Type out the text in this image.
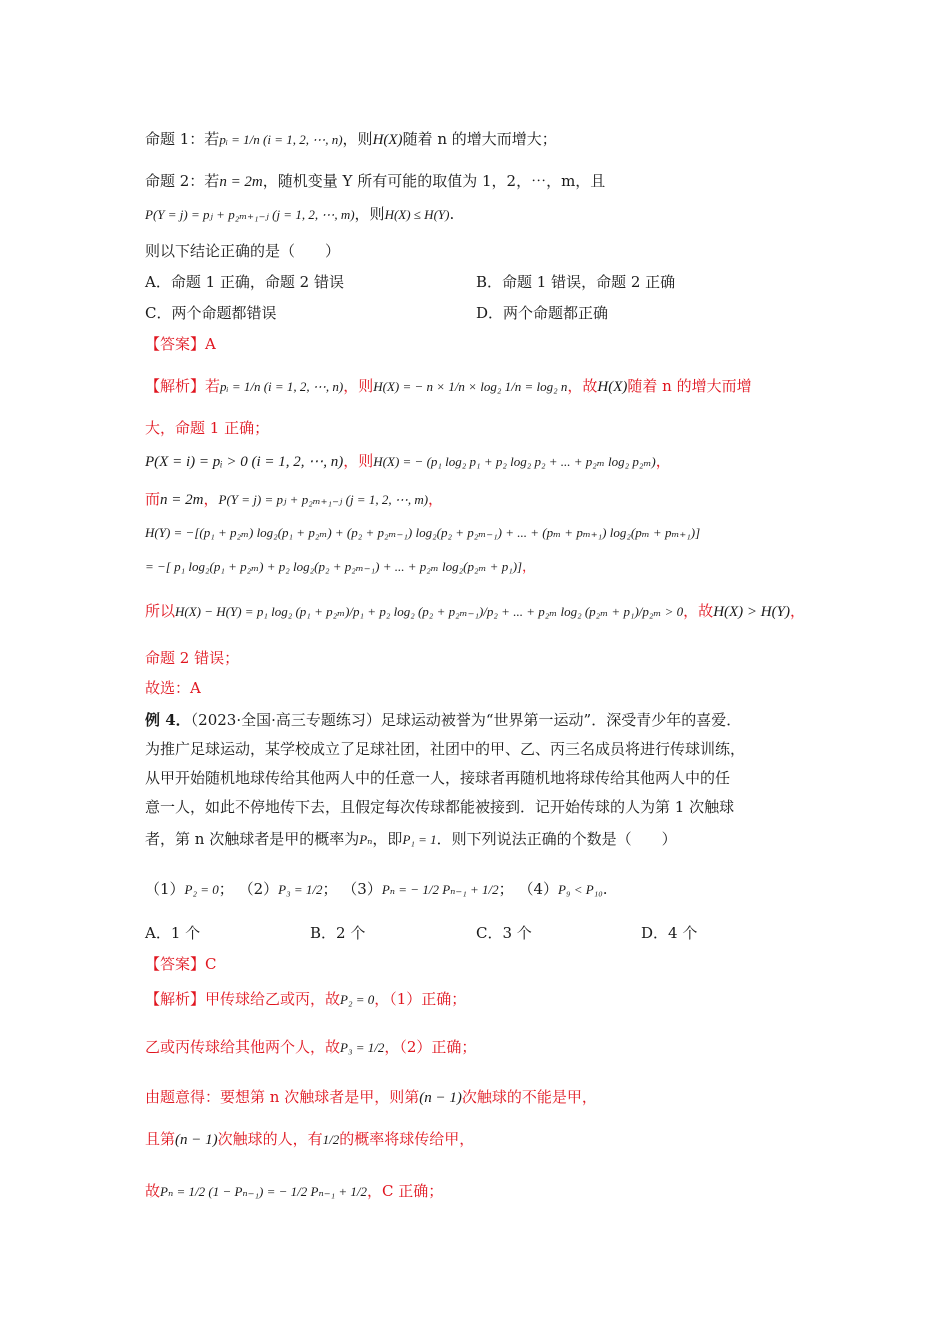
命题 1：若pᵢ = 1/n (i = 1, 2, ⋯, n)，则H(X)随着 n 的增大而增大；
命题 2：若n = 2m，随机变量 Y 所有可能的取值为 1，2，⋯，m，且
P(Y = j) = pⱼ + p₂ₘ₊₁₋ⱼ (j = 1, 2, ⋯, m)，则H(X) ≤ H(Y).
则以下结论正确的是（　　）
A．命题 1 正确，命题 2 错误	B．命题 1 错误，命题 2 正确
C．两个命题都错误	D．两个命题都正确
【答案】A
【解析】若pᵢ = 1/n (i = 1, 2, ⋯, n)，则H(X) = − n × 1/n × log₂ 1/n = log₂ n，故H(X)随着 n 的增大而增
大，命题 1 正确；
P(X = i) = pᵢ > 0 (i = 1, 2, ⋯, n)，则H(X) = − (p₁ log₂ p₁ + p₂ log₂ p₂ + ... + p₂ₘ log₂ p₂ₘ)，
而n = 2m，P(Y = j) = pⱼ + p₂ₘ₊₁₋ⱼ (j = 1, 2, ⋯, m)，
H(Y) = −[(p₁ + p₂ₘ) log₂(p₁ + p₂ₘ) + (p₂ + p₂ₘ₋₁) log₂(p₂ + p₂ₘ₋₁) + ... + (pₘ + pₘ₊₁) log₂(pₘ + pₘ₊₁)]
= −[ p₁ log₂(p₁ + p₂ₘ) + p₂ log₂(p₂ + p₂ₘ₋₁) + ... + p₂ₘ log₂(p₂ₘ + p₁)]，
所以H(X) − H(Y) = p₁ log₂ (p₁ + p₂ₘ)/p₁ + p₂ log₂ (p₂ + p₂ₘ₋₁)/p₂ + ... + p₂ₘ log₂ (p₂ₘ + p₁)/p₂ₘ > 0，故H(X) > H(Y)，
命题 2 错误；
故选：A
例 4．（2023·全国·高三专题练习）足球运动被誉为“世界第一运动”．深受青少年的喜爱．
为推广足球运动，某学校成立了足球社团，社团中的甲、乙、丙三名成员将进行传球训练，
从甲开始随机地球传给其他两人中的任意一人，接球者再随机地将球传给其他两人中的任
意一人，如此不停地传下去，且假定每次传球都能被接到．记开始传球的人为第 1 次触球
者，第 n 次触球者是甲的概率为Pₙ，即P₁ = 1．则下列说法正确的个数是（　　）
（1）P₂ = 0； （2）P₃ = 1/2； （3）Pₙ = − 1/2 Pₙ₋₁ + 1/2； （4）P₉ < P₁₀.
A．1 个	B．2 个	C．3 个	D．4 个
【答案】C
【解析】甲传球给乙或丙，故P₂ = 0，（1）正确；
乙或丙传球给其他两个人，故P₃ = 1/2，（2）正确；
由题意得：要想第 n 次触球者是甲，则第(n − 1)次触球的不能是甲，
且第(n − 1)次触球的人，有1/2的概率将球传给甲，
故Pₙ = 1/2 (1 − Pₙ₋₁) = − 1/2 Pₙ₋₁ + 1/2，C 正确；
